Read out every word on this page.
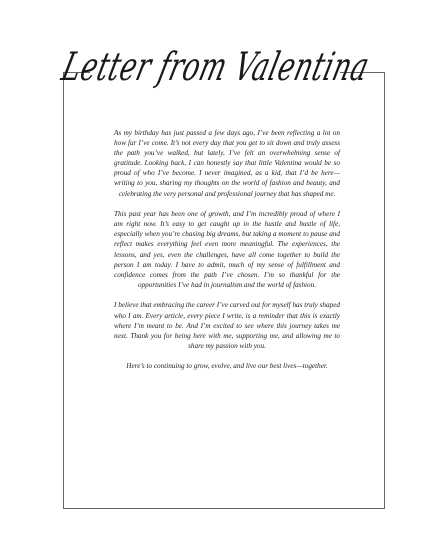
Letter from Valentina

As my birthday has just passed a few days ago, I’ve been reflecting a lot on how far I’ve come. It’s not every day that you get to sit down and truly assess the path you’ve walked, but lately, I’ve felt an overwhelming sense of gratitude. Looking back, I can honestly say that little Valentina would be so proud of who I’ve become. I never imagined, as a kid, that I’d be here—writing to you, sharing my thoughts on the world of fashion and beauty, and celebrating the very personal and professional journey that has shaped me.

This past year has been one of growth, and I’m incredibly proud of where I am right now. It’s easy to get caught up in the hustle and bustle of life, especially when you’re chasing big dreams, but taking a moment to pause and reflect makes everything feel even more meaningful. The experiences, the lessons, and yes, even the challenges, have all come together to build the person I am today. I have to admit, much of my sense of fulfillment and confidence comes from the path I’ve chosen. I’m so thankful for the opportunities I’ve had in journalism and the world of fashion.

I believe that embracing the career I’ve carved out for myself has truly shaped who I am. Every article, every piece I write, is a reminder that this is exactly where I’m meant to be. And I’m excited to see where this journey takes me next. Thank you for being here with me, supporting me, and allowing me to share my passion with you.

Here’s to continuing to grow, evolve, and live our best lives—together.
